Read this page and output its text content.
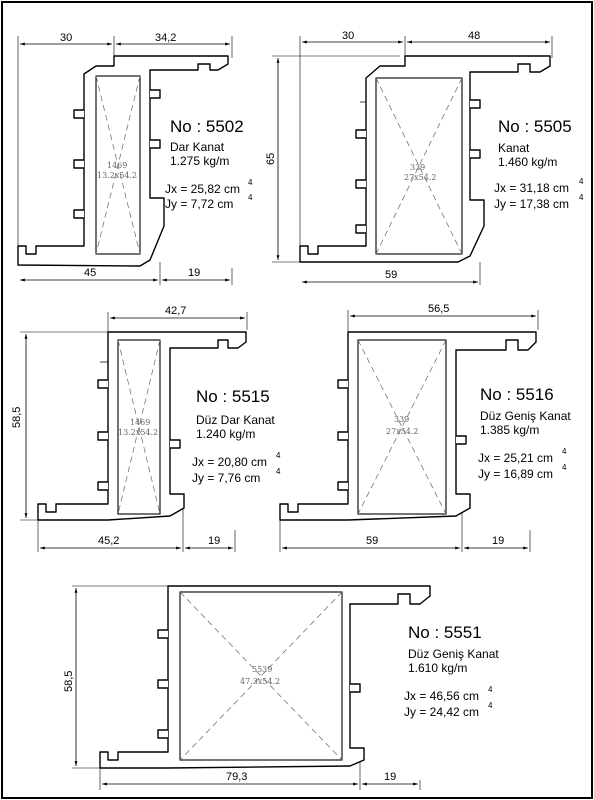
30	34,2
45	19
1469
13.2x54.2
No : 5502
Dar Kanat
1.275 kg/m
Jx = 25,82 cm 4
Jy = 7,72 cm 4
30	48
65
59
339
27x54.2
No : 5505
Kanat
1.460 kg/m
Jx = 31,18 cm 4
Jy = 17,38 cm 4
42,7
58,5
45,2	19
1469
13.2x54.2
No : 5515
Düz Dar Kanat
1.240 kg/m
Jx = 20,80 cm 4
Jy = 7,76 cm 4
56,5
59	19
339
27x54.2
No : 5516
Düz Geniş Kanat
1.385 kg/m
Jx = 25,21 cm 4
Jy = 16,89 cm 4
58,5
79,3	19
5539
47.3x54.2
No : 5551
Düz Geniş Kanat
1.610 kg/m
Jx = 46,56 cm 4
Jy = 24,42 cm 4
